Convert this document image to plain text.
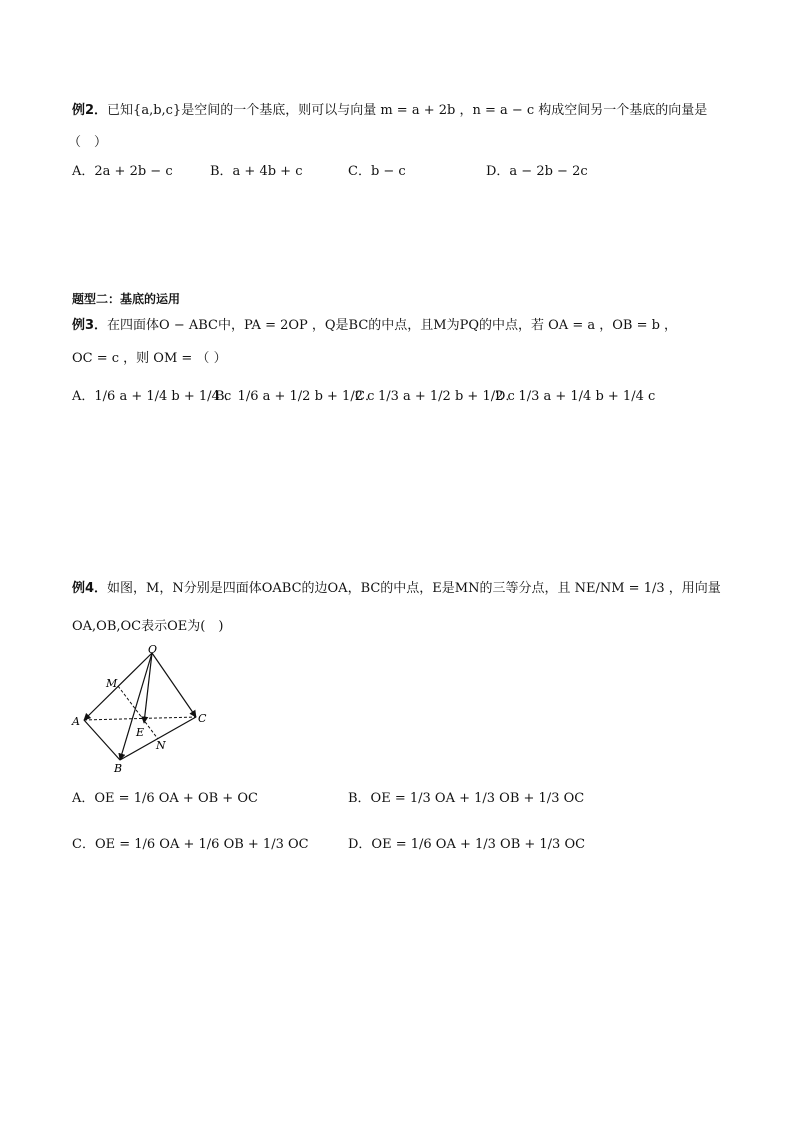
例2．已知{a,b,c}是空间的一个基底，则可以与向量 m = a + 2b ，n = a − c 构成空间另一个基底的向量是
（　）
A．2a + 2b − c	B．a + 4b + c	C．b − c	D．a − 2b − 2c
题型二：基底的运用
例3．在四面体O − ABC中，PA = 2OP ，Q是BC的中点，且M为PQ的中点，若 OA = a ，OB = b ，
OC = c ，则 OM = （ ）
A．1/6 a + 1/4 b + 1/4 c
B．1/6 a + 1/2 b + 1/2 c
C．1/3 a + 1/2 b + 1/2 c
D．1/3 a + 1/4 b + 1/4 c
例4．如图，M，N分别是四面体OABC的边OA，BC的中点，E是MN的三等分点，且 NE/NM = 1/3 ，用向量
OA,OB,OC表示OE为(　)
O
M
A
E
C
N
B
A．OE = 1/6 OA + OB + OC	B．OE = 1/3 OA + 1/3 OB + 1/3 OC
C．OE = 1/6 OA + 1/6 OB + 1/3 OC	D．OE = 1/6 OA + 1/3 OB + 1/3 OC
